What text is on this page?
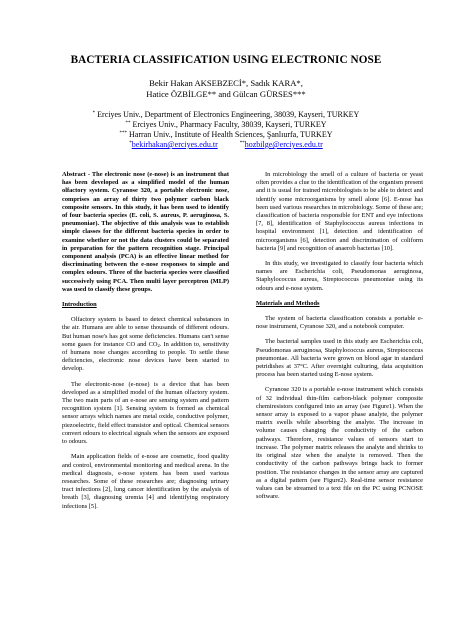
BACTERIA CLASSIFICATION USING ELECTRONIC NOSE
Bekir Hakan AKSEBZECİ*, Sadık KARA*,
Hatice ÖZBİLGE** and Gülcan GÜRSES***
* Erciyes Univ., Department of Electronics Engineering, 38039, Kayseri, TURKEY
** Erciyes Univ., Pharmacy Faculty, 38039, Kayseri, TURKEY
*** Harran Univ., Institute of Health Sciences, Şanlıurfa, TURKEY
*bekirhakan@erciyes.edu.tr	**hozbilge@erciyes.edu.tr

Abstract - The electronic nose (e-nose) is an instrument that has been developed as a simplified model of the human olfactory system. Cyranose 320, a portable electronic nose, comprises an array of thirty two polymer carbon black composite sensors. In this study, it has been used to identify of four bacteria species (E. coli, S. aureus, P. aeruginosa, S. pneumoniae). The objective of this analysis was to establish simple classes for the different bacteria species in order to examine whether or not the data clusters could be separated in preparation for the pattern recognition stage. Principal component analysis (PCA) is an effective linear method for discriminating between the e-nose responses to simple and complex odours. Three of the bacteria species were classified successively using PCA. Then multi layer perceptron (MLP) was used to classify these groups.

Introduction

Olfactory system is based to detect chemical substances in the air. Humans are able to sense thousands of different odours. But human nose's has got some deficiencies. Humans can't sense some gases for instance CO and $CO_2$. In addition to, sensitivity of humans nose changes according to people. To settle these deficiencies, electronic nose devices have been started to develop.

The electronic-nose (e-nose) is a device that has been developed as a simplified model of the human olfactory system. The two main parts of an e-nose are sensing system and pattern recognition system [1]. Sensing system is formed as chemical sensor arrays which names are metal oxide, conductive polymer, piezoelectric, field effect transistor and optical. Chemical sensors convert odours to electrical signals when the sensors are exposed to odours.

Main application fields of e-nose are cosmetic, food quality and control, environmental monitoring and medical arena. In the medical diagnosis, e-nose system has been used various researches. Some of these researches are; diagnosing urinary tract infections [2], lung cancer identification by the analysis of breath [3], diagnosing uremia [4] and identifying respiratory infections [5].

In microbiology the smell of a culture of bacteria or yeast often provides a clue to the identification of the organism present and it is usual for trained microbiologists to be able to detect and identify some microorganisms by smell alone [6]. E-nose has been used various researches in microbiology. Some of these are; classification of bacteria responsible for ENT and eye infections [7, 8], identification of Staphylococcus aureus infections in hospital environment [1], detection and identification of microorganisms [6], detection and discrimination of coliform bacteria [9] and recognition of anaerob bacterias [10].

In this study, we investigated to classify four bacteria which names are Escherichia coli, Pseudomonas aeruginosa, Staphylococcus aureus, Streptococcus pneumoniae using its odours and e-nose system.

Materials and Methods

The system of bacteria classification consists a portable e-nose instrument, Cyranose 320, and a notebook computer.

The bacterial samples used in this study are Escherichia coli, Pseudomonas aeruginosa, Staphylococcus aureus, Streptococcus pneumoniae. All bacteria were grown on blood agar in standard petridishes at 37°C. After overnight culturing, data acquisition process has been started using E-nose system.

Cyranose 320 is a portable e-nose instrument which consists of 32 individual thin-film carbon-black polymer composite chemiresistors configured into an array (see Figure1). When the sensor array is exposed to a vapor phase analyte, the polymer matrix swells while absorbing the analyte. The increase in volume causes changing the conductivity of the carbon pathways. Therefore, resistance values of sensors start to increase. The polymer matrix releases the analyte and shrinks to its original size when the analyte is removed. Then the conductivity of the carbon pathways brings back to former position. The resistance changes in the sensor array are captured as a digital pattern (see Figure2). Real-time sensor resistance values can be streamed to a text file on the PC using PCNOSE software.
